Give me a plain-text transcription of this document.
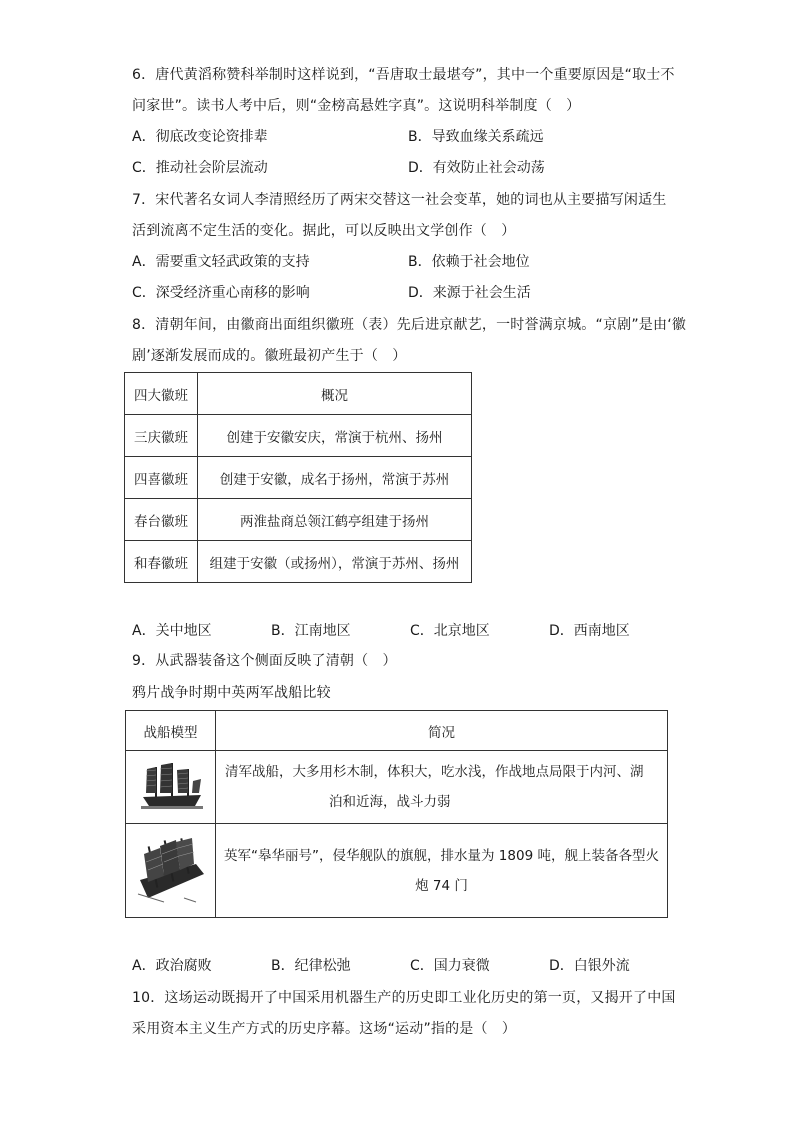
6．唐代黄滔称赞科举制时这样说到，“吾唐取士最堪夸”，其中一个重要原因是“取士不
问家世”。读书人考中后，则“金榜高悬姓字真”。这说明科举制度（　）
A．彻底改变论资排辈	B．导致血缘关系疏远
C．推动社会阶层流动	D．有效防止社会动荡
7．宋代著名女词人李清照经历了两宋交替这一社会变革，她的词也从主要描写闲适生
活到流离不定生活的变化。据此，可以反映出文学创作（　）
A．需要重文轻武政策的支持	B．依赖于社会地位
C．深受经济重心南移的影响	D．来源于社会生活
8．清朝年间，由徽商出面组织徽班（表）先后进京献艺，一时誉满京城。“京剧”是由‘徽
剧’逐渐发展而成的。徽班最初产生于（　）
四大徽班	概况
三庆徽班	创建于安徽安庆，常演于杭州、扬州
四喜徽班	创建于安徽，成名于扬州，常演于苏州
春台徽班	两淮盐商总领江鹤亭组建于扬州
和春徽班	组建于安徽（或扬州），常演于苏州、扬州
A．关中地区	B．江南地区	C．北京地区	D．西南地区
9．从武器装备这个侧面反映了清朝（　）
鸦片战争时期中英两军战船比较
战船模型	简况

清军战船，大多用杉木制，体积大，吃水浅，作战地点局限于内河、湖
泊和近海，战斗力弱

英军“皋华丽号”，侵华舰队的旗舰，排水量为 1809 吨，舰上装备各型火
炮 74 门
A．政治腐败	B．纪律松弛	C．国力衰微	D．白银外流
10．这场运动既揭开了中国采用机器生产的历史即工业化历史的第一页，又揭开了中国
采用资本主义生产方式的历史序幕。这场“运动”指的是（　）
